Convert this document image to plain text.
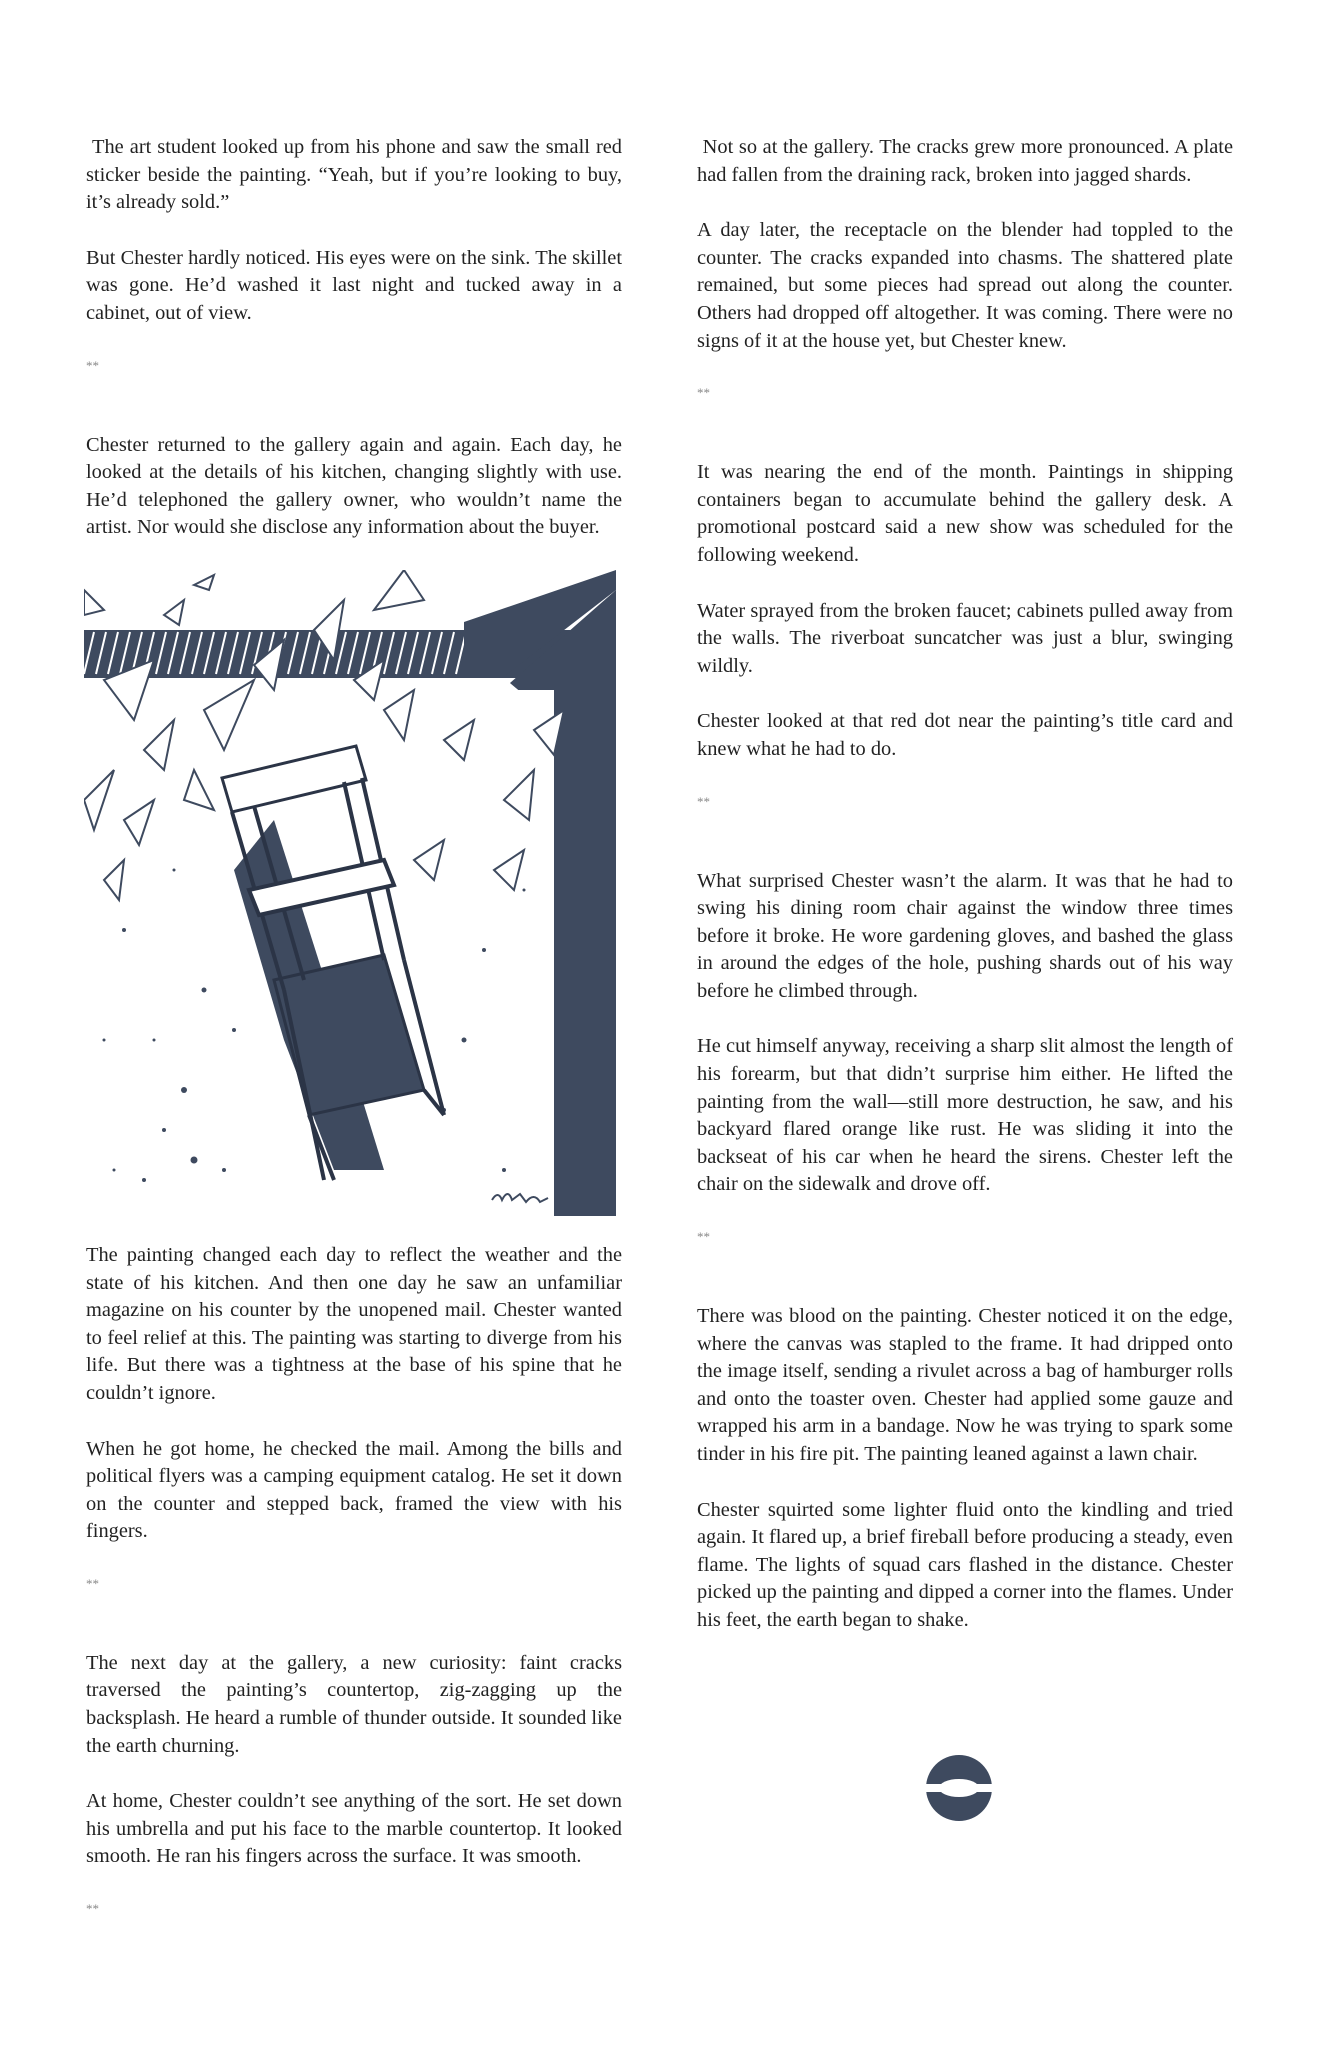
The art student looked up from his phone and saw the small red sticker beside the painting. “Yeah, but if you’re looking to buy, it’s already sold.”

But Chester hardly noticed. His eyes were on the sink. The skillet was gone. He’d washed it last night and tucked away in a cabinet, out of view.

**

Chester returned to the gallery again and again. Each day, he looked at the details of his kitchen, changing slightly with use. He’d telephoned the gallery owner, who wouldn’t name the artist. Nor would she disclose any information about the buyer.

The painting changed each day to reflect the weather and the state of his kitchen. And then one day he saw an unfamiliar magazine on his counter by the unopened mail. Chester wanted to feel relief at this. The painting was starting to diverge from his life. But there was a tightness at the base of his spine that he couldn’t ignore.

When he got home, he checked the mail. Among the bills and political flyers was a camping equipment catalog. He set it down on the counter and stepped back, framed the view with his fingers.

**

The next day at the gallery, a new curiosity: faint cracks traversed the painting’s countertop, zig-zagging up the backsplash. He heard a rumble of thunder outside. It sounded like the earth churning.

At home, Chester couldn’t see anything of the sort. He set down his umbrella and put his face to the marble countertop. It looked smooth. He ran his fingers across the surface. It was smooth.

**

Not so at the gallery. The cracks grew more pronounced. A plate had fallen from the draining rack, broken into jagged shards.

A day later, the receptacle on the blender had toppled to the counter. The cracks expanded into chasms. The shattered plate remained, but some pieces had spread out along the counter. Others had dropped off altogether. It was coming. There were no signs of it at the house yet, but Chester knew.

**

It was nearing the end of the month. Paintings in shipping containers began to accumulate behind the gallery desk. A promotional postcard said a new show was scheduled for the following weekend.

Water sprayed from the broken faucet; cabinets pulled away from the walls. The riverboat suncatcher was just a blur, swinging wildly.

Chester looked at that red dot near the painting’s title card and knew what he had to do.

**

What surprised Chester wasn’t the alarm. It was that he had to swing his dining room chair against the window three times before it broke. He wore gardening gloves, and bashed the glass in around the edges of the hole, pushing shards out of his way before he climbed through.

He cut himself anyway, receiving a sharp slit almost the length of his forearm, but that didn’t surprise him either. He lifted the painting from the wall—still more destruction, he saw, and his backyard flared orange like rust. He was sliding it into the backseat of his car when he heard the sirens. Chester left the chair on the sidewalk and drove off.

**

There was blood on the painting. Chester noticed it on the edge, where the canvas was stapled to the frame. It had dripped onto the image itself, sending a rivulet across a bag of hamburger rolls and onto the toaster oven. Chester had applied some gauze and wrapped his arm in a bandage. Now he was trying to spark some tinder in his fire pit. The painting leaned against a lawn chair.

Chester squirted some lighter fluid onto the kindling and tried again. It flared up, a brief fireball before producing a steady, even flame. The lights of squad cars flashed in the distance. Chester picked up the painting and dipped a corner into the flames. Under his feet, the earth began to shake.
